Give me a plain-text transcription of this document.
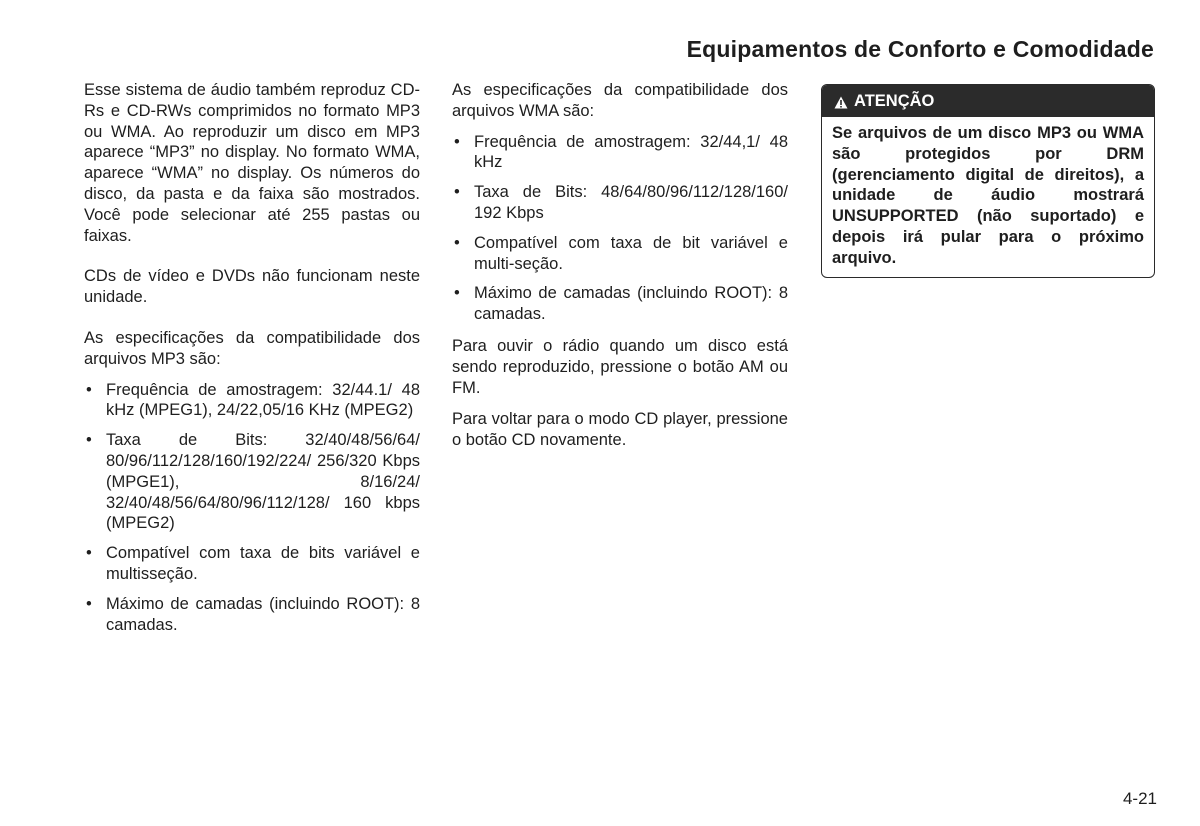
Equipamentos de Conforto e Comodidade

Esse sistema de áudio também reproduz CD-Rs e CD-RWs comprimidos no formato MP3 ou WMA. Ao reproduzir um disco em MP3 aparece “MP3” no display. No formato WMA, aparece “WMA” no display. Os números do disco, da pasta e da faixa são mostrados. Você pode selecionar até 255 pastas ou faixas.

CDs de vídeo e DVDs não funcionam neste unidade.

As especificações da compatibilidade dos arquivos MP3 são:

• Frequência de amostragem: 32/44.1/ 48 kHz (MPEG1), 24/22,05/16 KHz (MPEG2)
• Taxa de Bits: 32/40/48/56/64/ 80/96/112/128/160/192/224/ 256/320 Kbps (MPGE1), 8/16/24/ 32/40/48/56/64/80/96/112/128/ 160 kbps (MPEG2)
• Compatível com taxa de bits variável e multisseção.
• Máximo de camadas (incluindo ROOT): 8 camadas.

As especificações da compatibilidade dos arquivos WMA são:

• Frequência de amostragem: 32/44,1/ 48 kHz
• Taxa de Bits: 48/64/80/96/112/128/160/ 192 Kbps
• Compatível com taxa de bit variável e multi-seção.
• Máximo de camadas (incluindo ROOT): 8 camadas.

Para ouvir o rádio quando um disco está sendo reproduzido, pressione o botão AM ou FM.

Para voltar para o modo CD player, pressione o botão CD novamente.

ATENÇÃO
Se arquivos de um disco MP3 ou WMA são protegidos por DRM (gerenciamento digital de direitos), a unidade de áudio mostrará UNSUPPORTED (não suportado) e depois irá pular para o próximo arquivo.
4-21
